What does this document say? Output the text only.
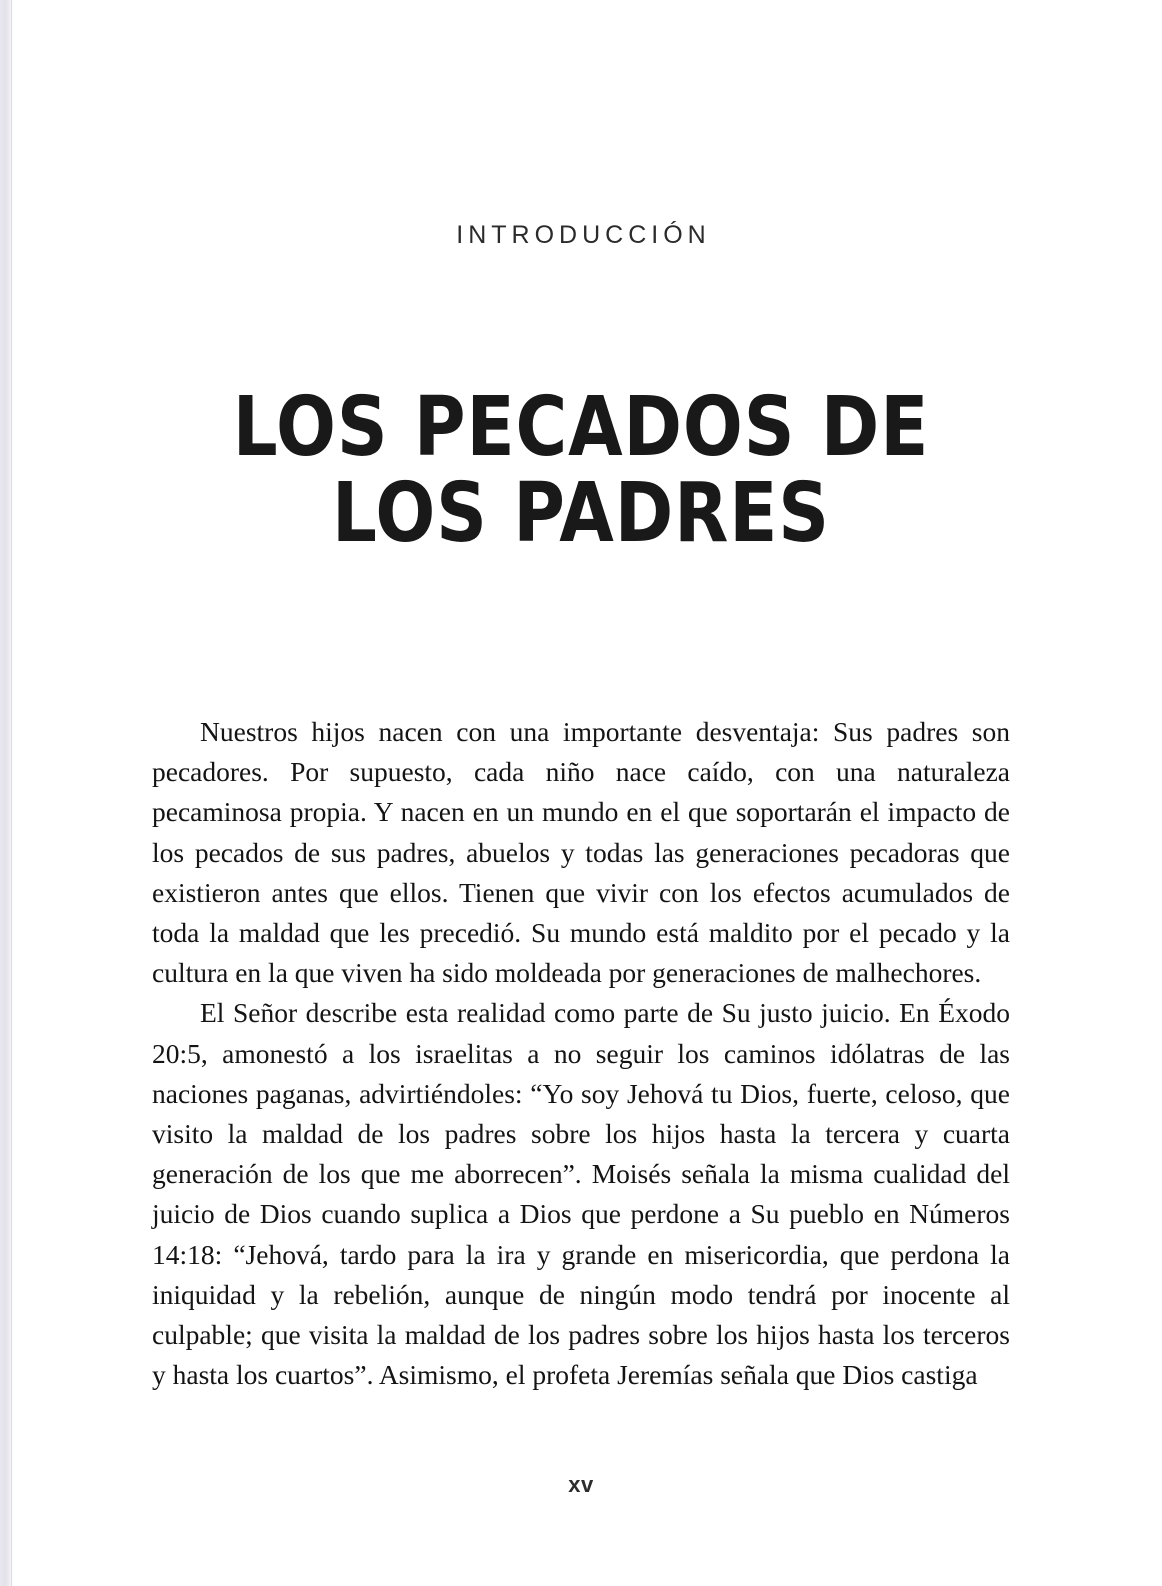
INTRODUCCIÓN
LOS PECADOS DE
LOS PADRES

Nuestros hijos nacen con una importante desventaja: Sus padres son pecadores. Por supuesto, cada niño nace caído, con una naturaleza pecaminosa propia. Y nacen en un mundo en el que soportarán el impacto de los pecados de sus padres, abuelos y todas las generaciones pecadoras que existieron antes que ellos. Tienen que vivir con los efectos acumulados de toda la maldad que les precedió. Su mundo está maldito por el pecado y la cultura en la que viven ha sido moldeada por generaciones de malhechores.

El Señor describe esta realidad como parte de Su justo juicio. En Éxodo 20:5, amonestó a los israelitas a no seguir los caminos idólatras de las naciones paganas, advirtiéndoles: “Yo soy Jehová tu Dios, fuerte, celoso, que visito la maldad de los padres sobre los hijos hasta la tercera y cuarta generación de los que me aborrecen”. Moisés señala la misma cualidad del juicio de Dios cuando suplica a Dios que perdone a Su pueblo en Números 14:18: “Jehová, tardo para la ira y grande en misericordia, que perdona la iniquidad y la rebelión, aunque de ningún modo tendrá por inocente al culpable; que visita la maldad de los padres sobre los hijos hasta los terceros y hasta los cuartos”. Asimismo, el profeta Jeremías señala que Dios castiga

xv
